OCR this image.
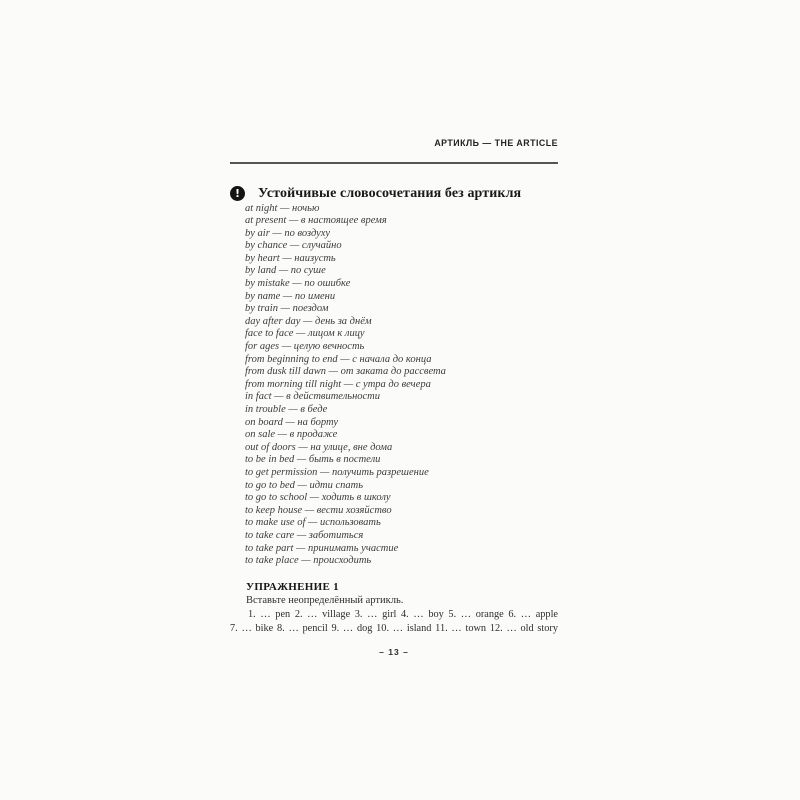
АРТИКЛЬ — THE ARTICLE
!	Устойчивые словосочетания без артикля
at night — ночью
at present — в настоящее время
by air — по воздуху
by chance — случайно
by heart — наизусть
by land — по суше
by mistake — по ошибке
by name — по имени
by train — поездом
day after day — день за днём
face to face — лицом к лицу
for ages — целую вечность
from beginning to end — с начала до конца
from dusk till dawn — от заката до рассвета
from morning till night — с утра до вечера
in fact — в действительности
in trouble — в беде
on board — на борту
on sale — в продаже
out of doors — на улице, вне дома
to be in bed — быть в постели
to get permission — получить разрешение
to go to bed — идти спать
to go to school — ходить в школу
to keep house — вести хозяйство
to make use of — использовать
to take care — заботиться
to take part — принимать участие
to take place — происходить
УПРАЖНЕНИЕ 1

Вставьте неопределённый артикль.

1. … pen 2. … village 3. … girl 4. … boy 5. … orange 6. … apple

7. … bike 8. … pencil 9. … dog 10. … island 11. … town 12. … old story

– 13 –
